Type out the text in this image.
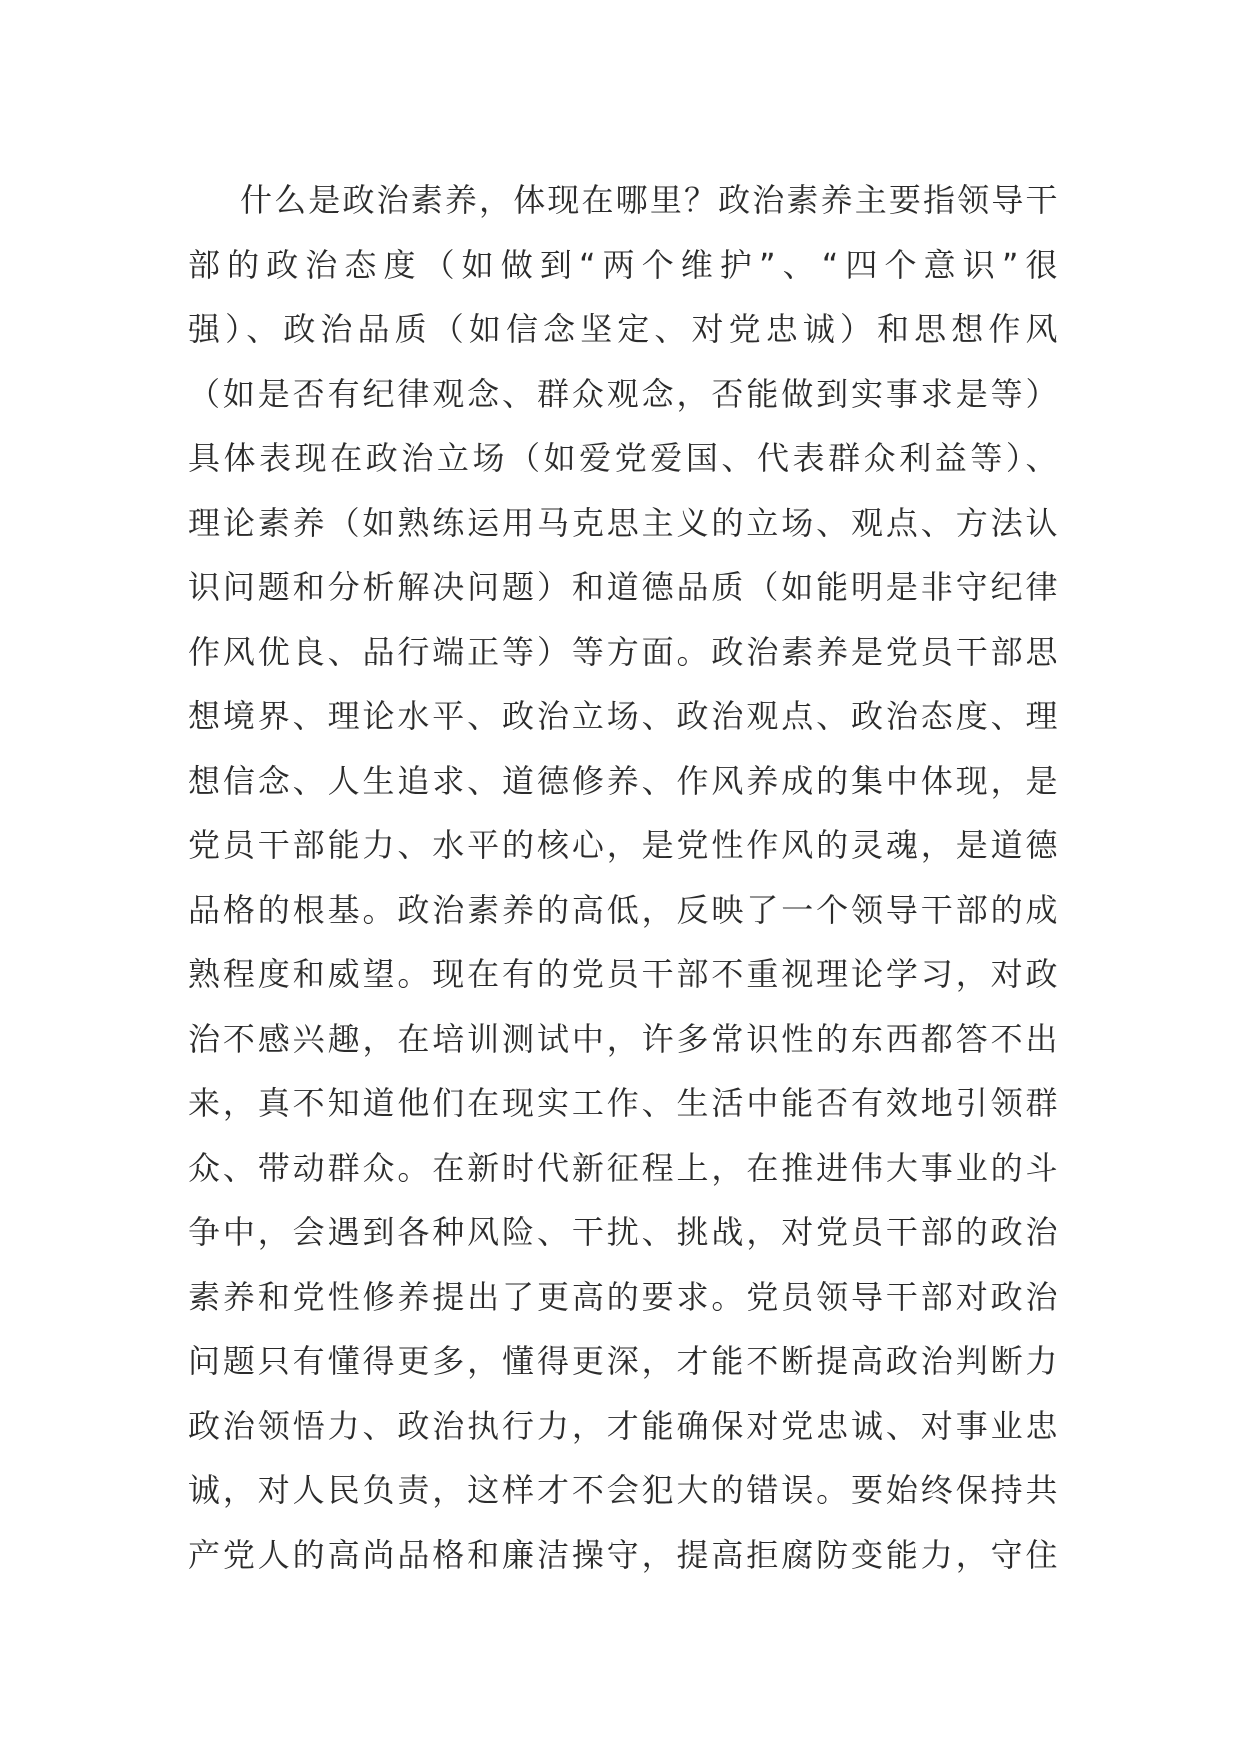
什么是政治素养，体现在哪里？政治素养主要指领导干
部的政治态度（如做到“两个维护”、“四个意识”很
强）、政治品质（如信念坚定、对党忠诚）和思想作风
（如是否有纪律观念、群众观念，否能做到实事求是等）
具体表现在政治立场（如爱党爱国、代表群众利益等）、
理论素养（如熟练运用马克思主义的立场、观点、方法认
识问题和分析解决问题）和道德品质（如能明是非守纪律
作风优良、品行端正等）等方面。政治素养是党员干部思
想境界、理论水平、政治立场、政治观点、政治态度、理
想信念、人生追求、道德修养、作风养成的集中体现，是
党员干部能力、水平的核心，是党性作风的灵魂，是道德
品格的根基。政治素养的高低，反映了一个领导干部的成
熟程度和威望。现在有的党员干部不重视理论学习，对政
治不感兴趣，在培训测试中，许多常识性的东西都答不出
来，真不知道他们在现实工作、生活中能否有效地引领群
众、带动群众。在新时代新征程上，在推进伟大事业的斗
争中，会遇到各种风险、干扰、挑战，对党员干部的政治
素养和党性修养提出了更高的要求。党员领导干部对政治
问题只有懂得更多，懂得更深，才能不断提高政治判断力
政治领悟力、政治执行力，才能确保对党忠诚、对事业忠
诚，对人民负责，这样才不会犯大的错误。要始终保持共
产党人的高尚品格和廉洁操守，提高拒腐防变能力，守住
